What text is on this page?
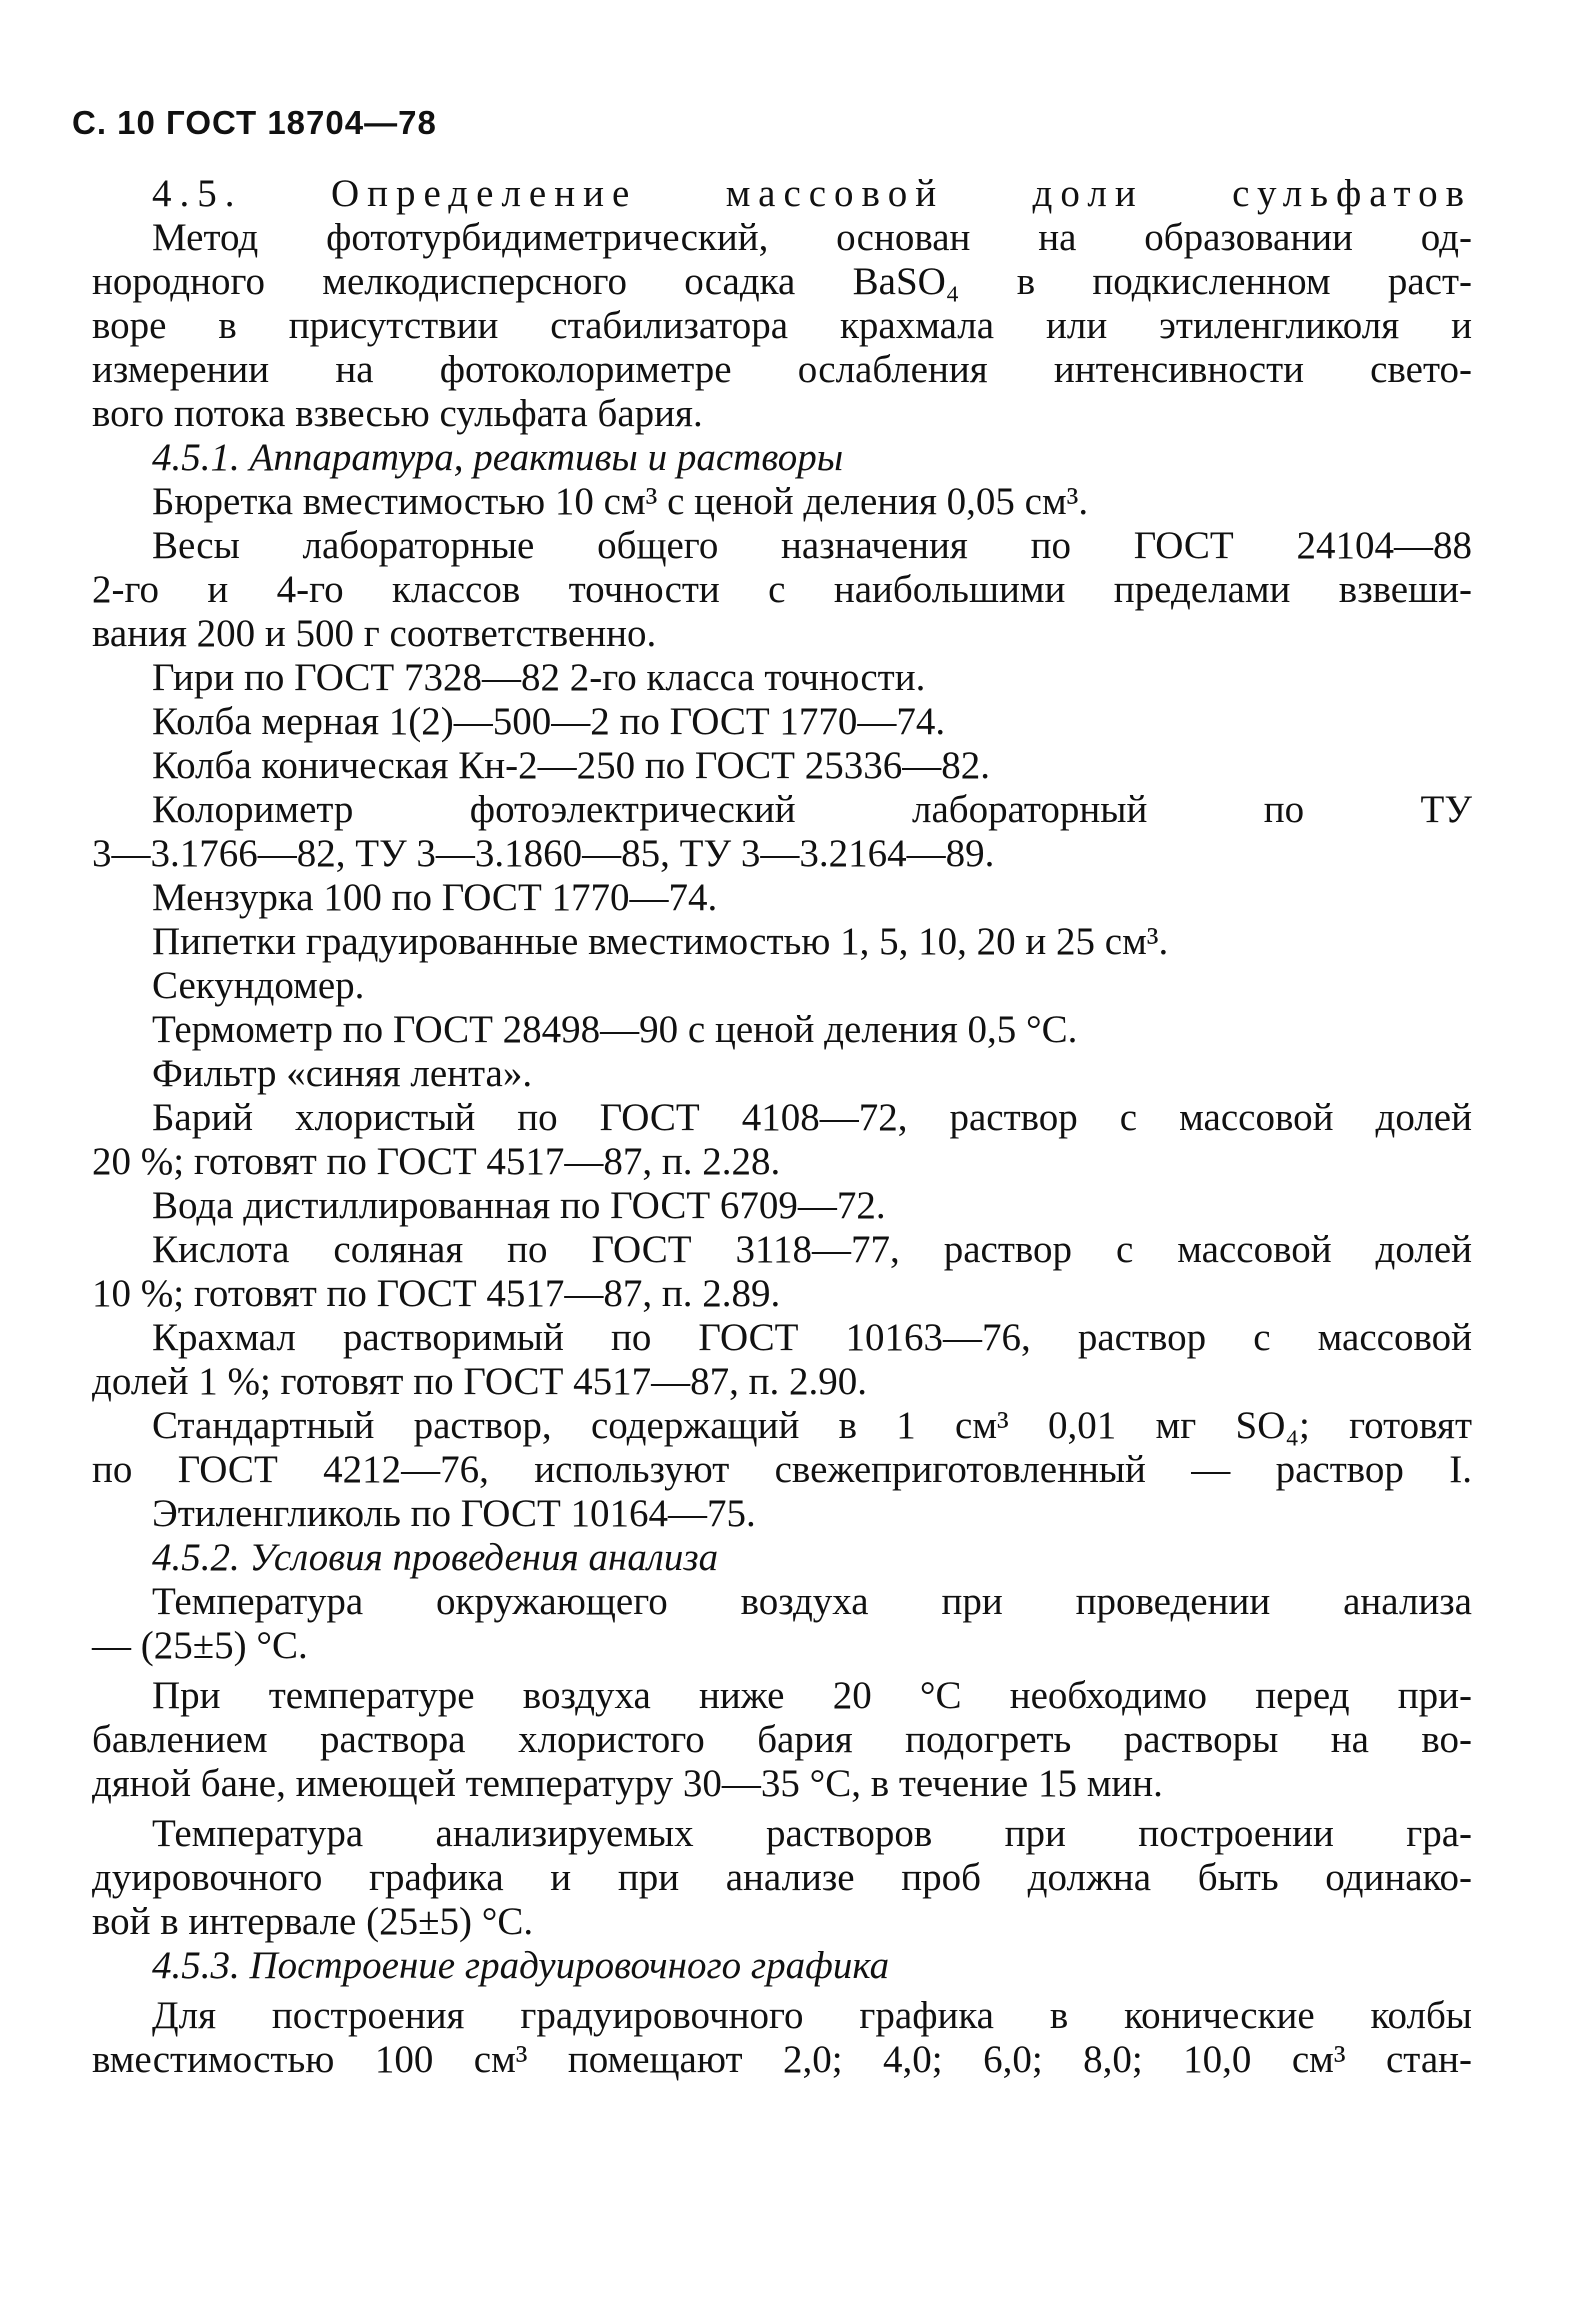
С. 10 ГОСТ 18704—78
4.5. Определение массовой доли сульфатов
Метод фототурбидиметрический, основан на образовании од-
нородного мелкодисперсного осадка BaSO₄ в подкисленном раст-
воре в присутствии стабилизатора крахмала или этиленгликоля и
измерении на фотоколориметре ослабления интенсивности свето-
вого потока взвесью сульфата бария.
4.5.1. Аппаратура, реактивы и растворы
Бюретка вместимостью 10 см³ с ценой деления 0,05 см³.
Весы лабораторные общего назначения по ГОСТ 24104—88
2-го и 4-го классов точности с наибольшими пределами взвеши-
вания 200 и 500 г соответственно.
Гири по ГОСТ 7328—82 2-го класса точности.
Колба мерная 1(2)—500—2 по ГОСТ 1770—74.
Колба коническая Кн-2—250 по ГОСТ 25336—82.
Колориметр фотоэлектрический лабораторный по ТУ
3—3.1766—82, ТУ 3—3.1860—85, ТУ 3—3.2164—89.
Мензурка 100 по ГОСТ 1770—74.
Пипетки градуированные вместимостью 1, 5, 10, 20 и 25 см³.
Секундомер.
Термометр по ГОСТ 28498—90 с ценой деления 0,5 °С.
Фильтр «синяя лента».
Барий хлористый по ГОСТ 4108—72, раствор с массовой долей
20 %; готовят по ГОСТ 4517—87, п. 2.28.
Вода дистиллированная по ГОСТ 6709—72.
Кислота соляная по ГОСТ 3118—77, раствор с массовой долей
10 %; готовят по ГОСТ 4517—87, п. 2.89.
Крахмал растворимый по ГОСТ 10163—76, раствор с массовой
долей 1 %; готовят по ГОСТ 4517—87, п. 2.90.
Стандартный раствор, содержащий в 1 см³ 0,01 мг SO₄; готовят
по ГОСТ 4212—76, используют свежеприготовленный — раствор I.
Этиленгликоль по ГОСТ 10164—75.
4.5.2. Условия проведения анализа
Температура окружающего воздуха при проведении анализа
— (25±5) °С.
При температуре воздуха ниже 20 °С необходимо перед при-
бавлением раствора хлористого бария подогреть растворы на во-
дяной бане, имеющей температуру 30—35 °С, в течение 15 мин.
Температура анализируемых растворов при построении гра-
дуировочного графика и при анализе проб должна быть одинако-
вой в интервале (25±5) °С.
4.5.3. Построение градуировочного графика
Для построения градуировочного графика в конические колбы
вместимостью 100 см³ помещают 2,0; 4,0; 6,0; 8,0; 10,0 см³ стан-
